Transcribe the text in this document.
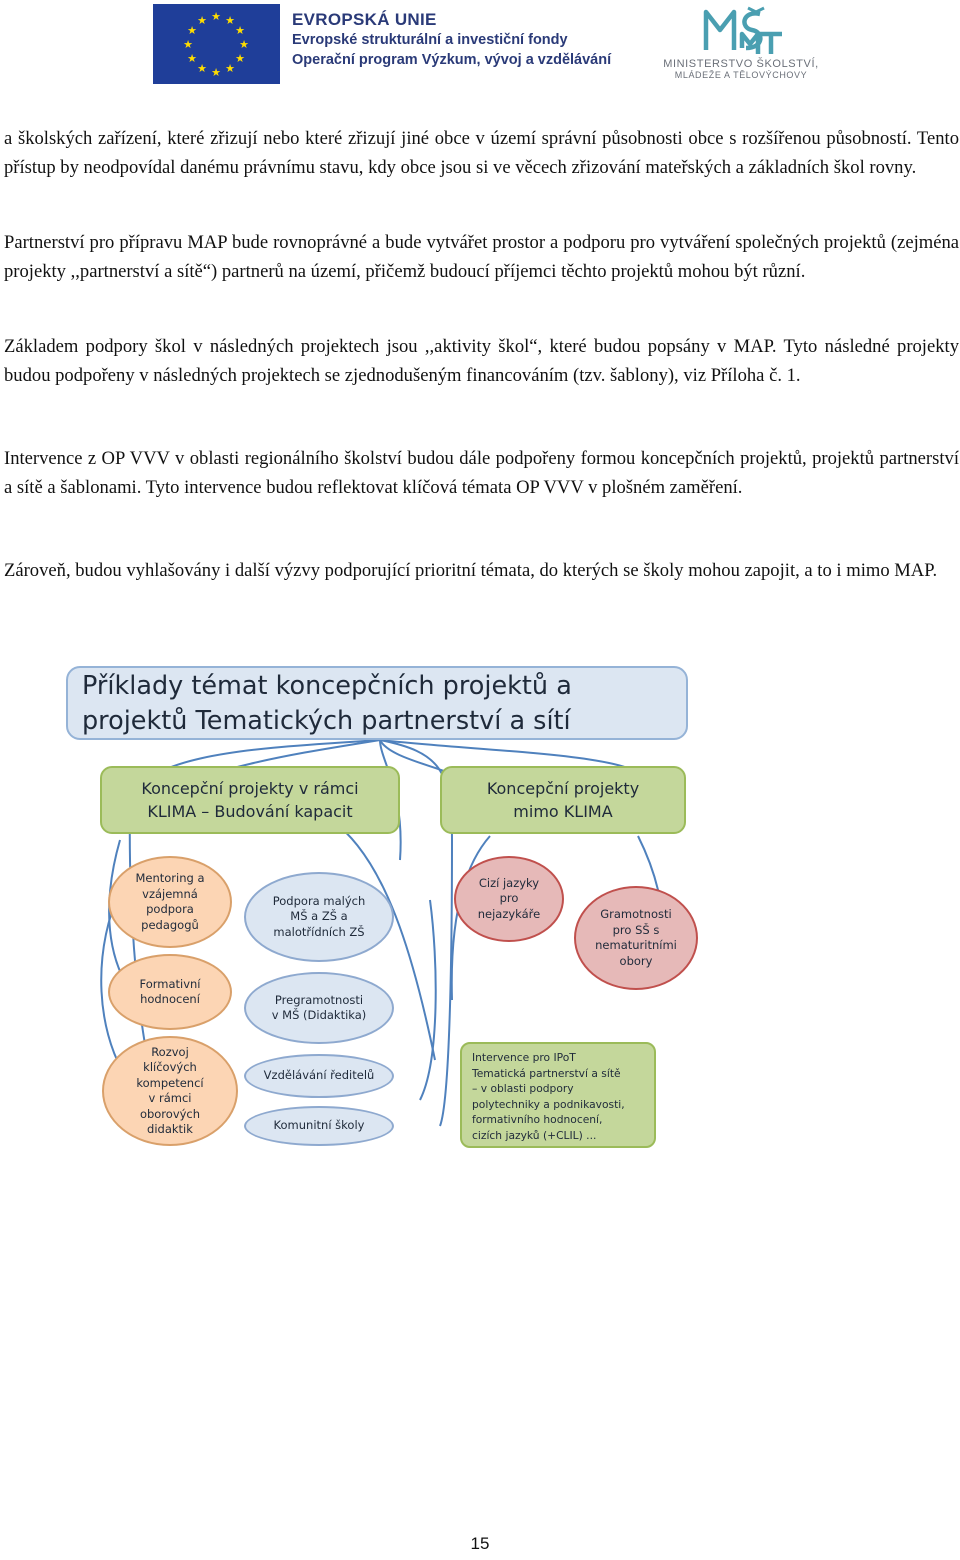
★ ★
★
★
★
★
★
★
★
★
★
★	EVROPSKÁ UNIE
Evropské strukturální a investiční fondy
Operační program Výzkum, vývoj a vzdělávání	MINISTERSTVO ŠKOLSTVÍ,
MLÁDEŽE A TĚLOVÝCHOVY

a školských zařízení, které zřizují nebo které zřizují jiné obce v území správní působnosti obce s rozšířenou působností. Tento přístup by neodpovídal danému právnímu stavu, kdy obce jsou si ve věcech zřizování mateřských a základních škol rovny.

Partnerství pro přípravu MAP bude rovnoprávné a bude vytvářet prostor a podporu pro vytváření společných projektů (zejména projekty ,,partnerství a sítě“) partnerů na území, přičemž budoucí příjemci těchto projektů mohou být různí.

Základem podpory škol v následných projektech jsou ,,aktivity škol“, které budou popsány v MAP. Tyto následné projekty budou podpořeny v následných projektech se zjednodušeným financováním (tzv. šablony), viz Příloha č. 1.

Intervence z OP VVV v oblasti regionálního školství budou dále podpořeny formou koncepčních projektů, projektů partnerství a sítě a šablonami. Tyto intervence budou reflektovat klíčová témata OP VVV v plošném zaměření.

Zároveň, budou vyhlašovány i další výzvy podporující prioritní témata, do kterých se školy mohou zapojit, a to i mimo MAP.

Příklady témat koncepčních projektů a
projektů Tematických partnerství a sítí
Koncepční projekty v rámci
KLIMA – Budování kapacit
Koncepční projekty
mimo KLIMA
Mentoring a
vzájemná
podpora
pedagogů
Formativní
hodnocení
Rozvoj
klíčových
kompetencí
v rámci
oborových
didaktik
Podpora malých
MŠ a ZŠ a
malotřídních ZŠ
Pregramotnosti
v MŠ (Didaktika)
Vzdělávání ředitelů
Komunitní školy
Cizí jazyky
pro
nejazykáře	Gramotnosti
pro SŠ s
nematuritními
obory
Intervence pro IPoT
Tematická partnerství a sítě
– v oblasti podpory
polytechniky a podnikavosti,
formativního hodnocení,
cizích jazyků (+CLIL) ...
15
